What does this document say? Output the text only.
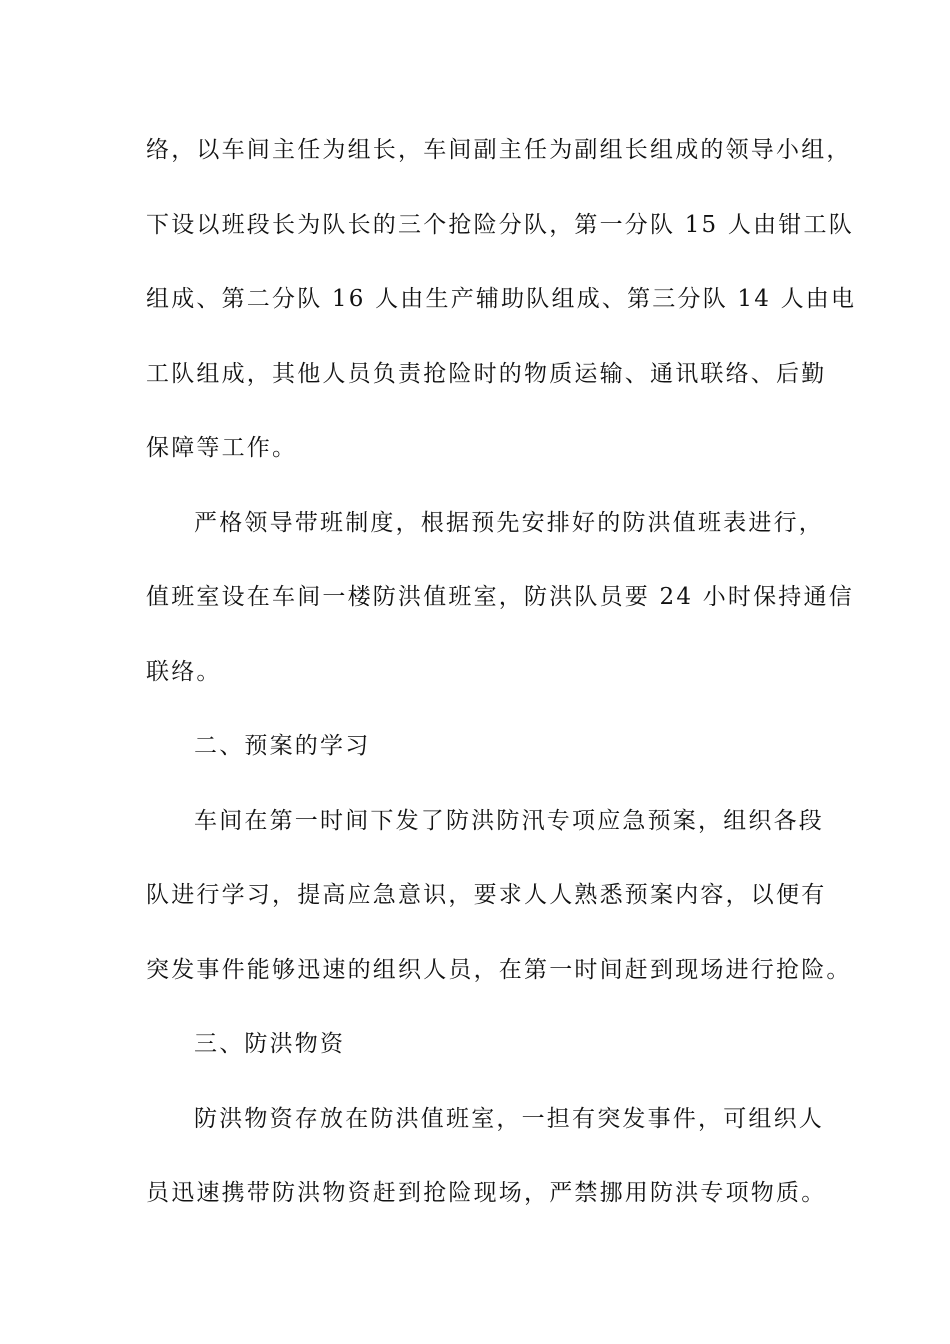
络，以车间主任为组长，车间副主任为副组长组成的领导小组，

下设以班段长为队长的三个抢险分队，第一分队 15 人由钳工队

组成、第二分队 16 人由生产辅助队组成、第三分队 14 人由电

工队组成，其他人员负责抢险时的物质运输、通讯联络、后勤

保障等工作。

严格领导带班制度，根据预先安排好的防洪值班表进行，

值班室设在车间一楼防洪值班室，防洪队员要 24 小时保持通信

联络。

二、预案的学习

车间在第一时间下发了防洪防汛专项应急预案，组织各段

队进行学习，提高应急意识，要求人人熟悉预案内容，以便有

突发事件能够迅速的组织人员，在第一时间赶到现场进行抢险。

三、防洪物资

防洪物资存放在防洪值班室，一担有突发事件，可组织人

员迅速携带防洪物资赶到抢险现场，严禁挪用防洪专项物质。
